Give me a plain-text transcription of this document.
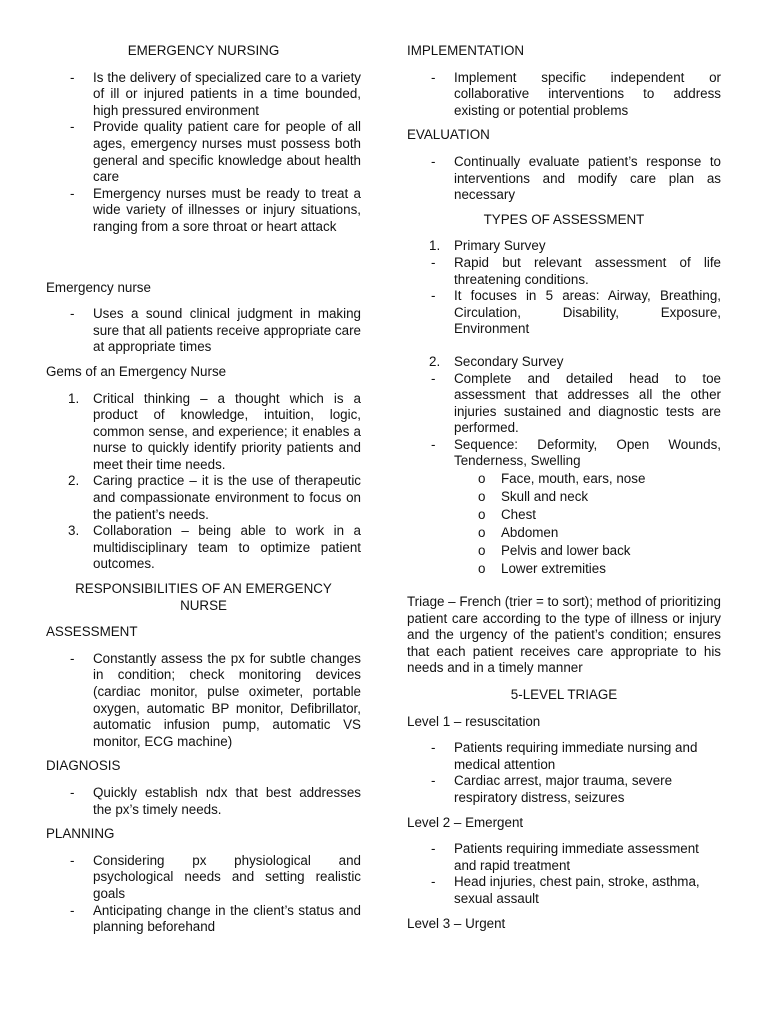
EMERGENCY NURSING
- Is the delivery of specialized care to a variety of ill or injured patients in a time bounded, high pressured environment
- Provide quality patient care for people of all ages, emergency nurses must possess both general and specific knowledge about health care
- Emergency nurses must be ready to treat a wide variety of illnesses or injury situations, ranging from a sore throat or heart attack
Emergency nurse
- Uses a sound clinical judgment in making sure that all patients receive appropriate care at appropriate times
Gems of an Emergency Nurse
1. Critical thinking – a thought which is a product of knowledge, intuition, logic, common sense, and experience; it enables a nurse to quickly identify priority patients and meet their time needs.
2. Caring practice – it is the use of therapeutic and compassionate environment to focus on the patient’s needs.
3. Collaboration – being able to work in a multidisciplinary team to optimize patient outcomes.
RESPONSIBILITIES OF AN EMERGENCY NURSE
ASSESSMENT
- Constantly assess the px for subtle changes in condition; check monitoring devices (cardiac monitor, pulse oximeter, portable oxygen, automatic BP monitor, Defibrillator, automatic infusion pump, automatic VS monitor, ECG machine)
DIAGNOSIS
- Quickly establish ndx that best addresses the px’s timely needs.
PLANNING
- Considering px physiological and psychological needs and setting realistic goals
- Anticipating change in the client’s status and planning beforehand
IMPLEMENTATION
- Implement specific independent or collaborative interventions to address existing or potential problems
EVALUATION
- Continually evaluate patient’s response to interventions and modify care plan as necessary
TYPES OF ASSESSMENT
1. Primary Survey
- Rapid but relevant assessment of life threatening conditions.
- It focuses in 5 areas: Airway, Breathing, Circulation, Disability, Exposure, Environment
2. Secondary Survey
- Complete and detailed head to toe assessment that addresses all the other injuries sustained and diagnostic tests are performed.
- Sequence: Deformity, Open Wounds, Tenderness, Swelling
o Face, mouth, ears, nose
o Skull and neck
o Chest
o Abdomen
o Pelvis and lower back
o Lower extremities
Triage – French (trier = to sort); method of prioritizing patient care according to the type of illness or injury and the urgency of the patient’s condition; ensures that each patient receives care appropriate to his needs and in a timely manner
5-LEVEL TRIAGE
Level 1 – resuscitation
- Patients requiring immediate nursing and medical attention
- Cardiac arrest, major trauma, severe respiratory distress, seizures
Level 2 – Emergent
- Patients requiring immediate assessment and rapid treatment
- Head injuries, chest pain, stroke, asthma, sexual assault
Level 3 – Urgent
